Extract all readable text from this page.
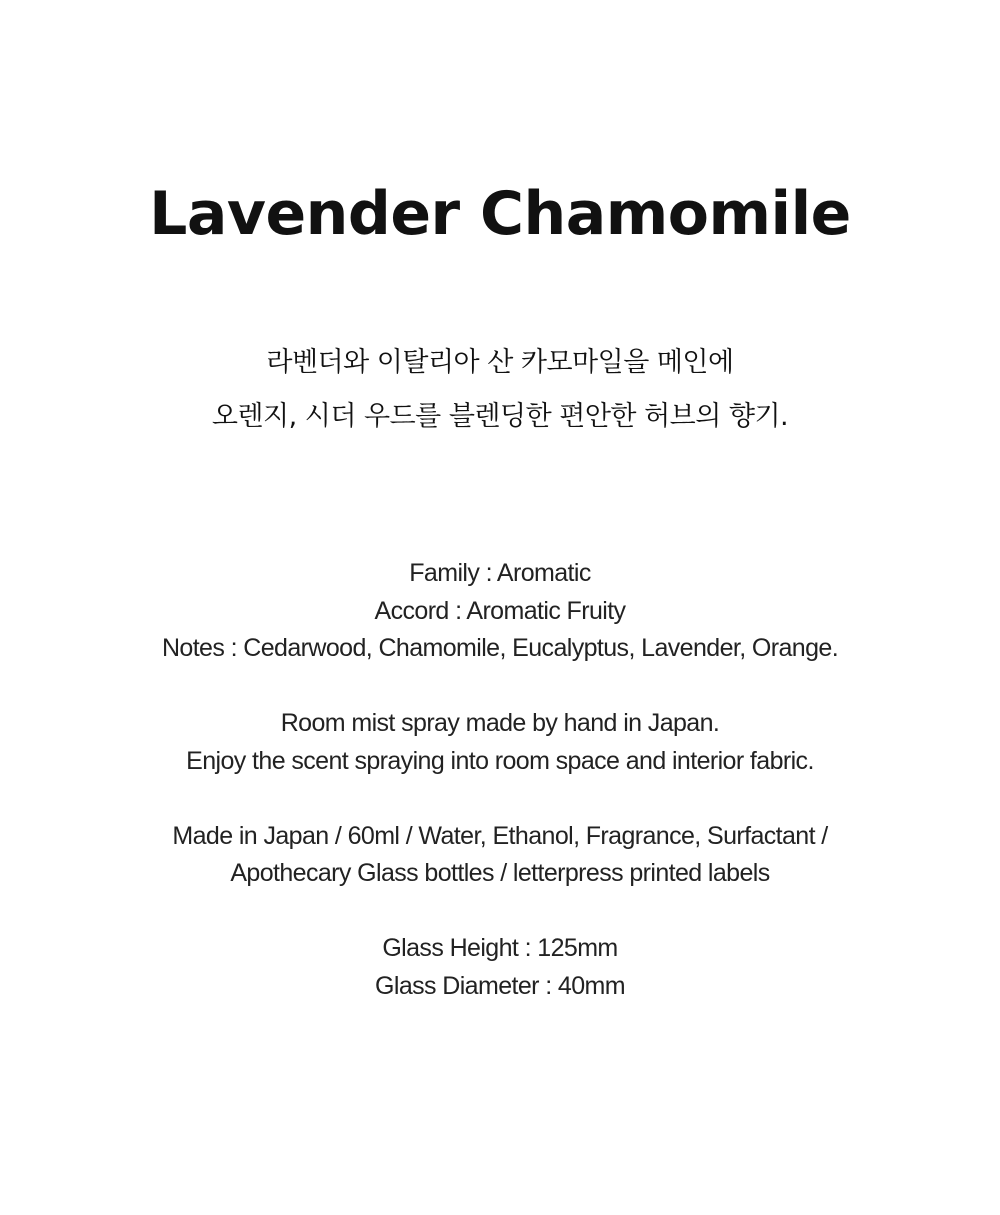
Lavender Chamomile
라벤더와 이탈리아 산 카모마일을 메인에
오렌지, 시더 우드를 블렌딩한 편안한 허브의 향기.
Family : Aromatic
Accord : Aromatic Fruity
Notes : Cedarwood, Chamomile, Eucalyptus, Lavender, Orange.
Room mist spray made by hand in Japan.
Enjoy the scent spraying into room space and interior fabric.
Made in Japan / 60ml / Water, Ethanol, Fragrance, Surfactant /
Apothecary Glass bottles / letterpress printed labels
Glass Height : 125mm
Glass Diameter : 40mm
